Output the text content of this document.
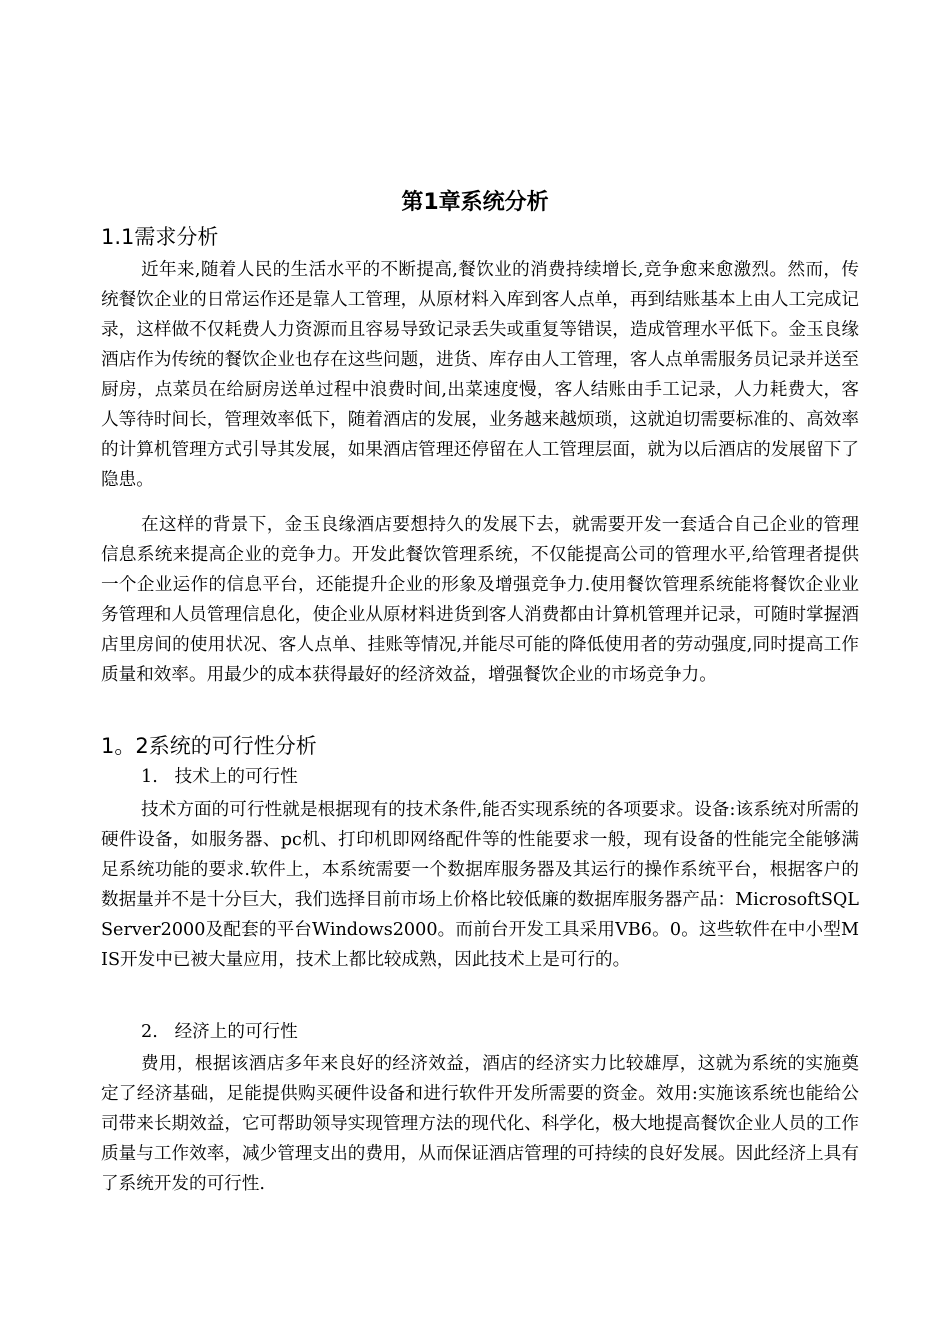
第1章系统分析
1.1需求分析

近年来,随着人民的生活水平的不断提高,餐饮业的消费持续增长,竞争愈来愈激烈。然而，传统餐饮企业的日常运作还是靠人工管理，从原材料入库到客人点单，再到结账基本上由人工完成记录，这样做不仅耗费人力资源而且容易导致记录丢失或重复等错误，造成管理水平低下。金玉良缘酒店作为传统的餐饮企业也存在这些问题，进货、库存由人工管理，客人点单需服务员记录并送至厨房，点菜员在给厨房送单过程中浪费时间,出菜速度慢，客人结账由手工记录，人力耗费大，客人等待时间长，管理效率低下，随着酒店的发展，业务越来越烦琐，这就迫切需要标准的、高效率的计算机管理方式引导其发展，如果酒店管理还停留在人工管理层面，就为以后酒店的发展留下了隐患。

在这样的背景下，金玉良缘酒店要想持久的发展下去，就需要开发一套适合自己企业的管理信息系统来提高企业的竞争力。开发此餐饮管理系统，不仅能提高公司的管理水平,给管理者提供一个企业运作的信息平台，还能提升企业的形象及增强竞争力.使用餐饮管理系统能将餐饮企业业务管理和人员管理信息化，使企业从原材料进货到客人消费都由计算机管理并记录，可随时掌握酒店里房间的使用状况、客人点单、挂账等情况,并能尽可能的降低使用者的劳动强度,同时提高工作质量和效率。用最少的成本获得最好的经济效益，增强餐饮企业的市场竞争力。

1。2系统的可行性分析
1.   技术上的可行性

技术方面的可行性就是根据现有的技术条件,能否实现系统的各项要求。设备:该系统对所需的硬件设备，如服务器、pc机、打印机即网络配件等的性能要求一般，现有设备的性能完全能够满足系统功能的要求.软件上，本系统需要一个数据库服务器及其运行的操作系统平台，根据客户的数据量并不是十分巨大，我们选择目前市场上价格比较低廉的数据库服务器产品：MicrosoftSQLServer2000及配套的平台Windows2000。而前台开发工具采用VB6。0。这些软件在中小型MIS开发中已被大量应用，技术上都比较成熟，因此技术上是可行的。

2.   经济上的可行性

费用，根据该酒店多年来良好的经济效益，酒店的经济实力比较雄厚，这就为系统的实施奠定了经济基础，足能提供购买硬件设备和进行软件开发所需要的资金。效用:实施该系统也能给公司带来长期效益，它可帮助领导实现管理方法的现代化、科学化，极大地提高餐饮企业人员的工作质量与工作效率，减少管理支出的费用，从而保证酒店管理的可持续的良好发展。因此经济上具有了系统开发的可行性.
